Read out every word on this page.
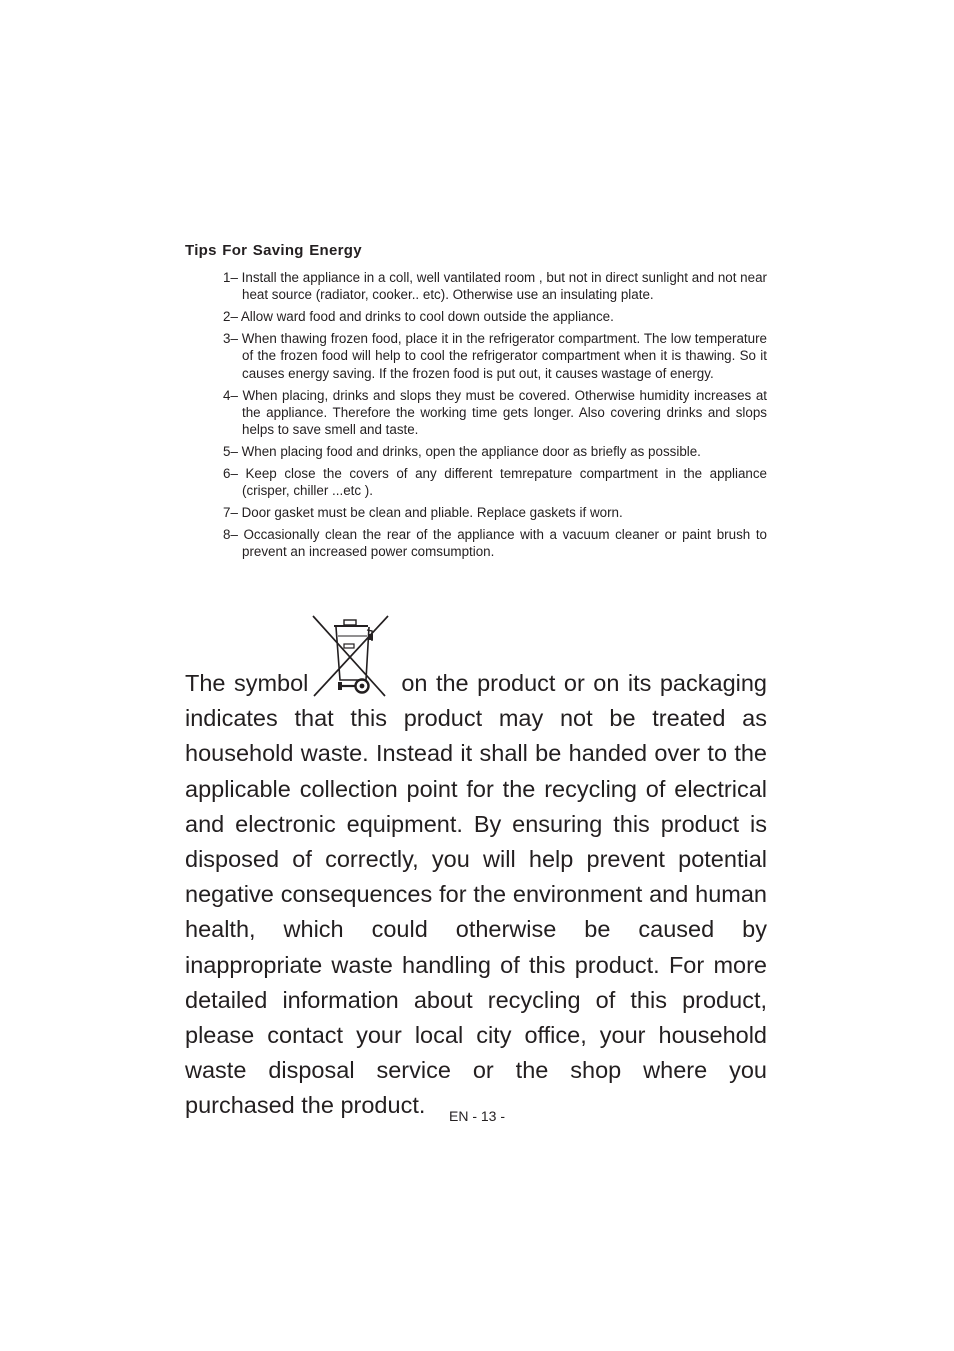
Tips For Saving Energy
1– Install the appliance in a coll, well vantilated room , but not in direct sunlight and not near heat source (radiator, cooker.. etc). Otherwise use an insulating plate.
2– Allow ward food and drinks to cool down outside the appliance.
3– When thawing frozen food, place it in the refrigerator compartment. The low temperature of the frozen food will help to cool the refrigerator compartment when it is thawing. So it causes energy saving. If the frozen food is put out, it causes wastage of energy.
4– When placing, drinks and slops they must be covered. Otherwise humidity increases at the appliance. Therefore the working time gets longer. Also covering drinks and slops helps to save smell and taste.
5– When placing food and drinks, open the appliance door as briefly as possible.
6– Keep close the covers of any different temrepature compartment in the appliance (crisper, chiller ...etc ).
7– Door gasket must be clean and pliable. Replace gaskets if worn.
8– Occasionally clean the rear of the appliance with a vacuum cleaner or paint brush to prevent an increased power comsumption.

The symbol	on the product or on its packaging indicates that this product may not be treated as household waste. Instead it shall be handed over to the applicable collection point for the recycling of electrical and electronic equipment. By ensuring this product is disposed of correctly, you will help prevent potential negative consequences for the environment and human health, which could otherwise be caused by inappropriate waste handling of this product. For more detailed information about recycling of this product, please contact your local city office, your household waste disposal service or the shop where you purchased the product.	EN - 13 -
